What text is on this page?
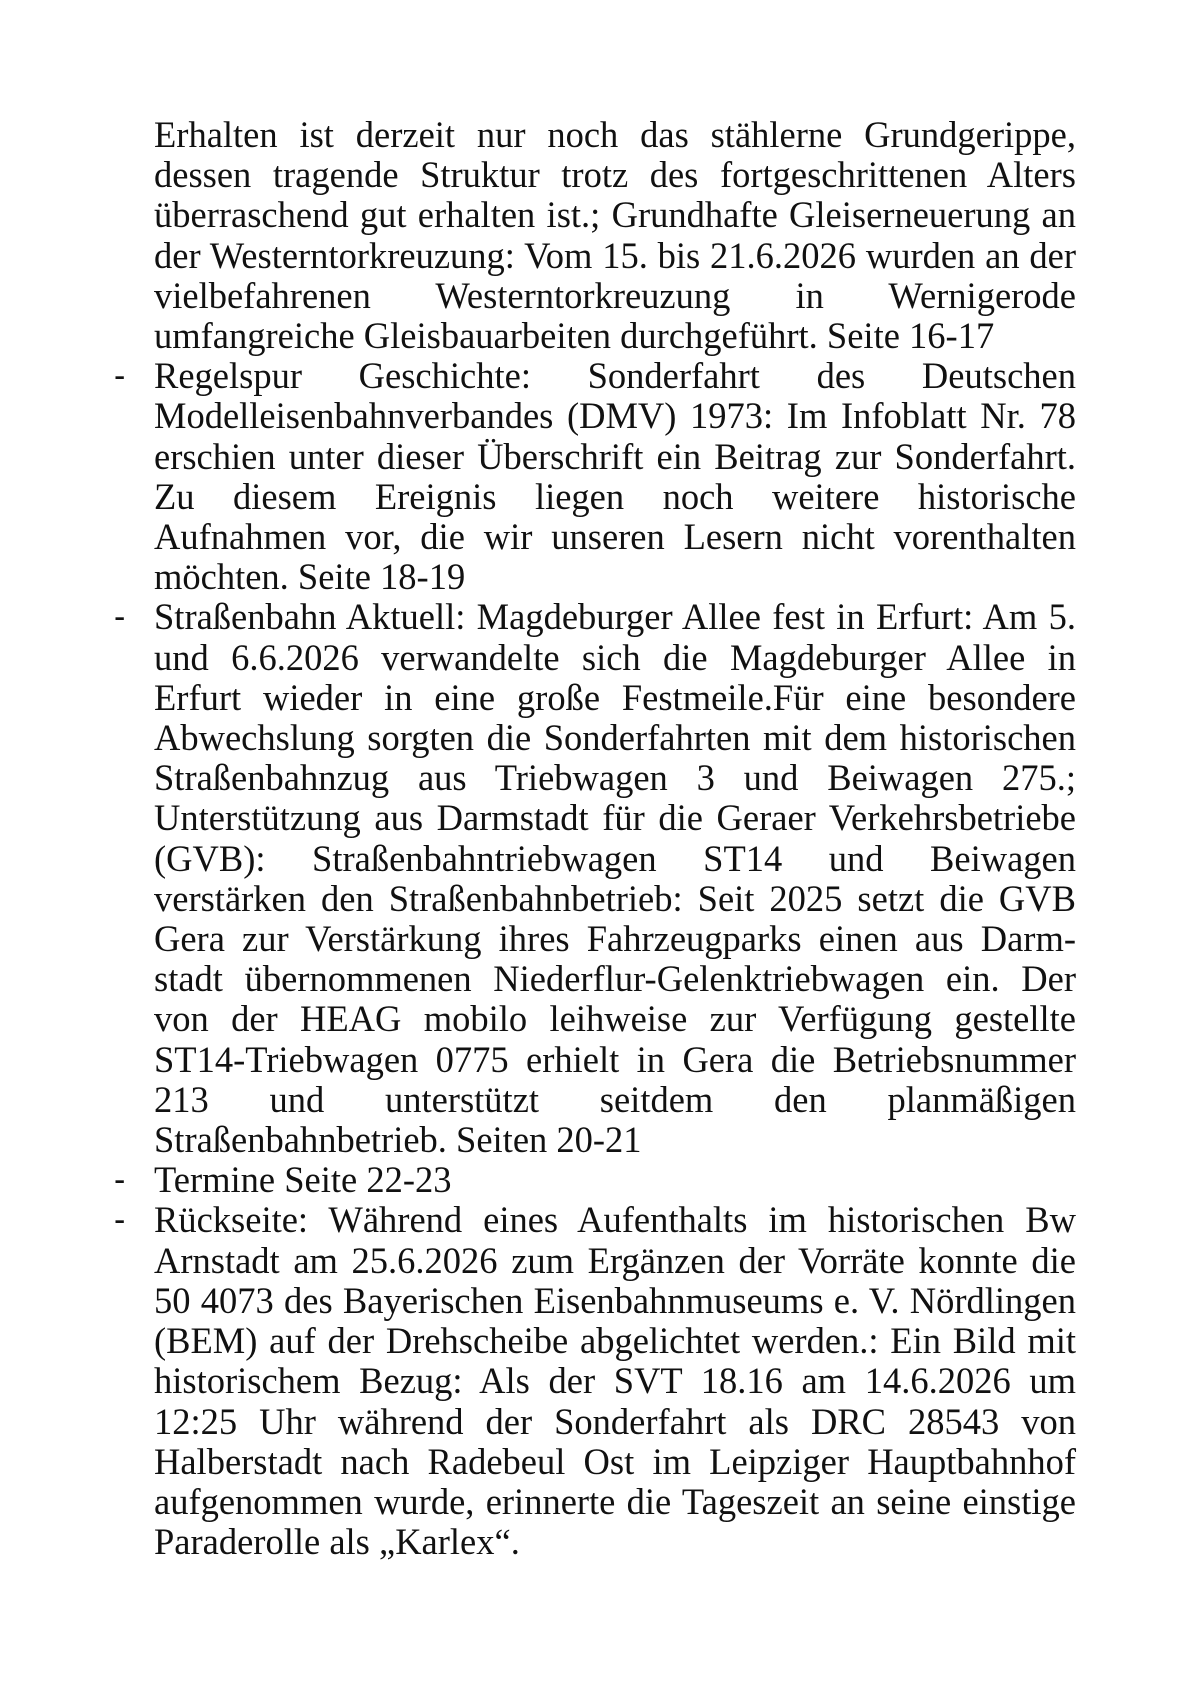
Erhalten ist derzeit nur noch das stählerne Grundgerippe, dessen tragende Struktur trotz des fortgeschrittenen Alters überraschend gut erhalten ist.; Grundhafte Gleiserneuerung an der Westerntorkreuzung: Vom 15. bis 21.6.2026 wurden an der vielbefahrenen Westerntorkreuzung in Wernigerode umfangreiche Gleisbauarbeiten durchgeführt. Seite 16-17

- Regelspur Geschichte: Sonderfahrt des Deutschen Modelleisenbahnverbandes (DMV) 1973: Im Infoblatt Nr. 78 erschien unter dieser Überschrift ein Beitrag zur Sonderfahrt. Zu diesem Ereignis liegen noch weitere historische Aufnahmen vor, die wir unseren Lesern nicht vorenthalten möchten. Seite 18-19

- Straßenbahn Aktuell: Magdeburger Allee fest in Erfurt: Am 5. und 6.6.2026 verwandelte sich die Magdeburger Allee in Erfurt wieder in eine große Festmeile.Für eine besondere Abwechslung sorgten die Sonderfahrten mit dem historischen Straßenbahnzug aus Triebwagen 3 und Beiwagen 275.; Unterstützung aus Darmstadt für die Geraer Verkehrsbetriebe (GVB): Straßenbahntriebwagen ST14 und Beiwagen verstärken den Straßenbahnbetrieb: Seit 2025 setzt die GVB Gera zur Verstärkung ihres Fahrzeugparks einen aus Darmstadt übernommenen Niederflur-Gelenktriebwagen ein. Der von der HEAG mobilo leihweise zur Verfügung gestellte ST14-Triebwagen 0775 erhielt in Gera die Betriebsnummer 213 und unterstützt seitdem den planmäßigen Straßenbahnbetrieb. Seiten 20-21

- Termine Seite 22-23

- Rückseite: Während eines Aufenthalts im historischen Bw Arnstadt am 25.6.2026 zum Ergänzen der Vorräte konnte die 50 4073 des Bayerischen Eisenbahnmuseums e. V. Nördlingen (BEM) auf der Drehscheibe abgelichtet werden.: Ein Bild mit historischem Bezug: Als der SVT 18.16 am 14.6.2026 um 12:25 Uhr während der Sonderfahrt als DRC 28543 von Halberstadt nach Radebeul Ost im Leipziger Hauptbahnhof aufgenommen wurde, erinnerte die Tageszeit an seine einstige Paraderolle als „Karlex“.
